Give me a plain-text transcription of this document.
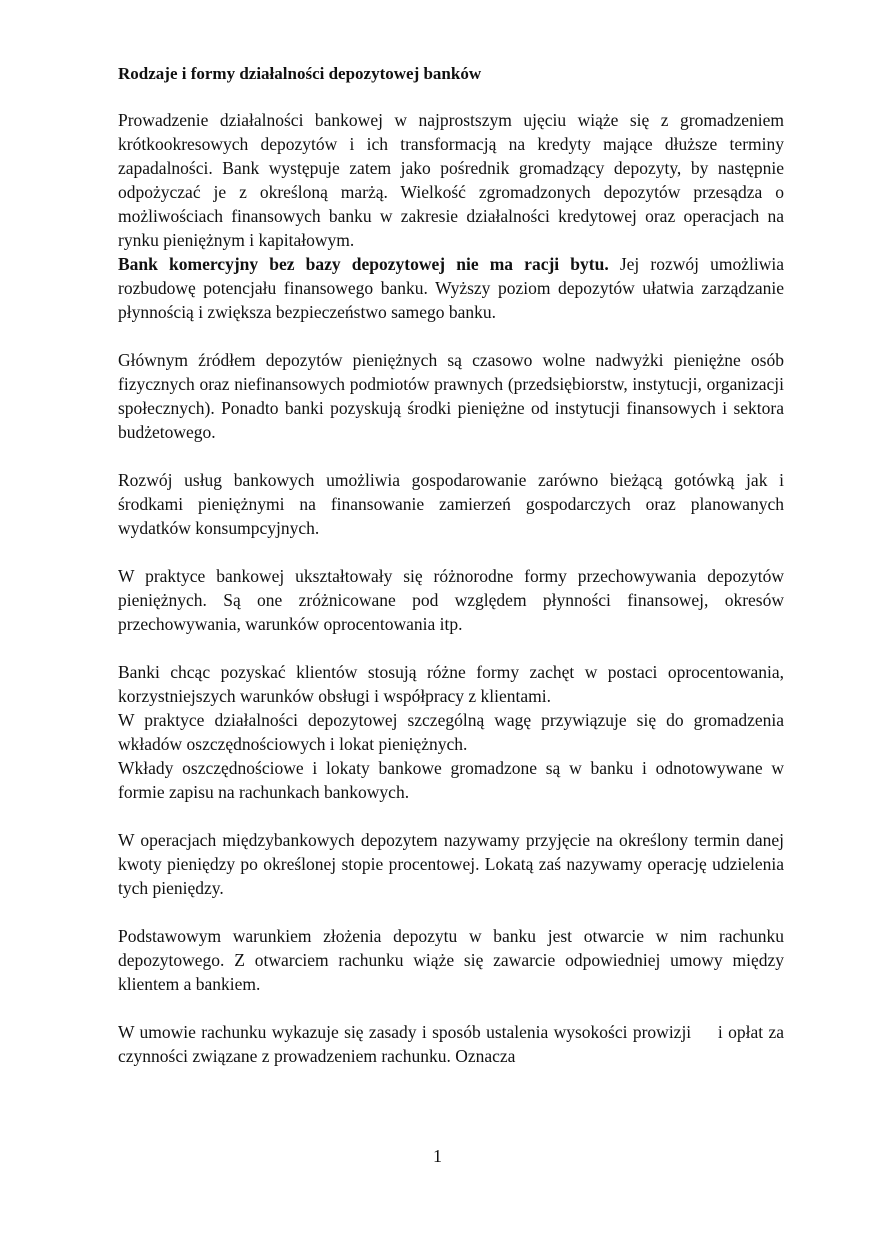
Rodzaje i formy działalności depozytowej banków

Prowadzenie działalności bankowej w najprostszym ujęciu wiąże się z gromadzeniem krótkookresowych depozytów i ich transformacją na kredyty mające dłuższe terminy zapadalności. Bank występuje zatem jako pośrednik gromadzący depozyty, by następnie odpożyczać je z określoną marżą. Wielkość zgromadzonych depozytów przesądza o możliwościach finansowych banku w zakresie działalności kredytowej oraz operacjach na rynku pieniężnym i kapitałowym.

Bank komercyjny bez bazy depozytowej nie ma racji bytu. Jej rozwój umożliwia rozbudowę potencjału finansowego banku. Wyższy poziom depozytów ułatwia zarządzanie płynnością i zwiększa bezpieczeństwo samego banku.

Głównym źródłem depozytów pieniężnych są czasowo wolne nadwyżki pieniężne osób fizycznych oraz niefinansowych podmiotów prawnych (przedsiębiorstw, instytucji, organizacji społecznych). Ponadto banki pozyskują środki pieniężne od instytucji finansowych i sektora budżetowego.

Rozwój usług bankowych umożliwia gospodarowanie zarówno bieżącą gotówką jak i środkami pieniężnymi na finansowanie zamierzeń gospodarczych oraz planowanych wydatków konsumpcyjnych.

W praktyce bankowej ukształtowały się różnorodne formy przechowywania depozytów pieniężnych. Są one zróżnicowane pod względem płynności finansowej, okresów przechowywania, warunków oprocentowania itp.

Banki chcąc pozyskać klientów stosują różne formy zachęt w postaci oprocentowania, korzystniejszych warunków obsługi i współpracy z klientami.

W praktyce działalności depozytowej szczególną wagę przywiązuje się do gromadzenia wkładów oszczędnościowych i lokat pieniężnych.

Wkłady oszczędnościowe i lokaty bankowe gromadzone są w banku i odnotowywane w formie zapisu na rachunkach bankowych.

W operacjach międzybankowych depozytem nazywamy przyjęcie na określony termin danej kwoty pieniędzy po określonej stopie procentowej. Lokatą zaś nazywamy operację udzielenia tych pieniędzy.

Podstawowym warunkiem złożenia depozytu w banku jest otwarcie w nim rachunku depozytowego. Z otwarciem rachunku wiąże się zawarcie odpowiedniej umowy między klientem a bankiem.

W umowie rachunku wykazuje się zasady i sposób ustalenia wysokości prowizji     i opłat za czynności związane z prowadzeniem rachunku. Oznacza

1
